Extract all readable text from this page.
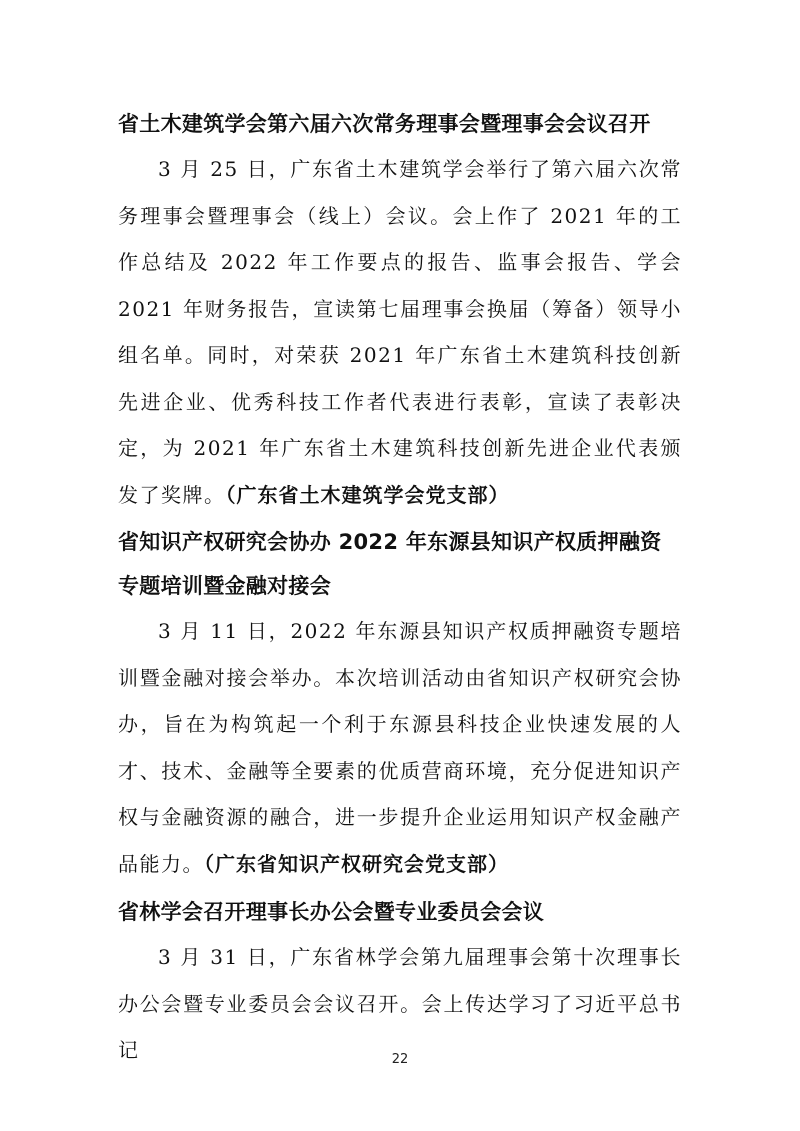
省土木建筑学会第六届六次常务理事会暨理事会会议召开

3 月 25 日，广东省土木建筑学会举行了第六届六次常务理事会暨理事会（线上）会议。会上作了 2021 年的工作总结及 2022 年工作要点的报告、监事会报告、学会 2021 年财务报告，宣读第七届理事会换届（筹备）领导小组名单。同时，对荣获 2021 年广东省土木建筑科技创新先进企业、优秀科技工作者代表进行表彰，宣读了表彰决定，为 2021 年广东省土木建筑科技创新先进企业代表颁发了奖牌。（广东省土木建筑学会党支部）

省知识产权研究会协办 2022 年东源县知识产权质押融资专题培训暨金融对接会

3 月 11 日，2022 年东源县知识产权质押融资专题培训暨金融对接会举办。本次培训活动由省知识产权研究会协办，旨在为构筑起一个利于东源县科技企业快速发展的人才、技术、金融等全要素的优质营商环境，充分促进知识产权与金融资源的融合，进一步提升企业运用知识产权金融产品能力。（广东省知识产权研究会党支部）

省林学会召开理事长办公会暨专业委员会会议

3 月 31 日，广东省林学会第九届理事会第十次理事长办公会暨专业委员会会议召开。会上传达学习了习近平总书记	22
